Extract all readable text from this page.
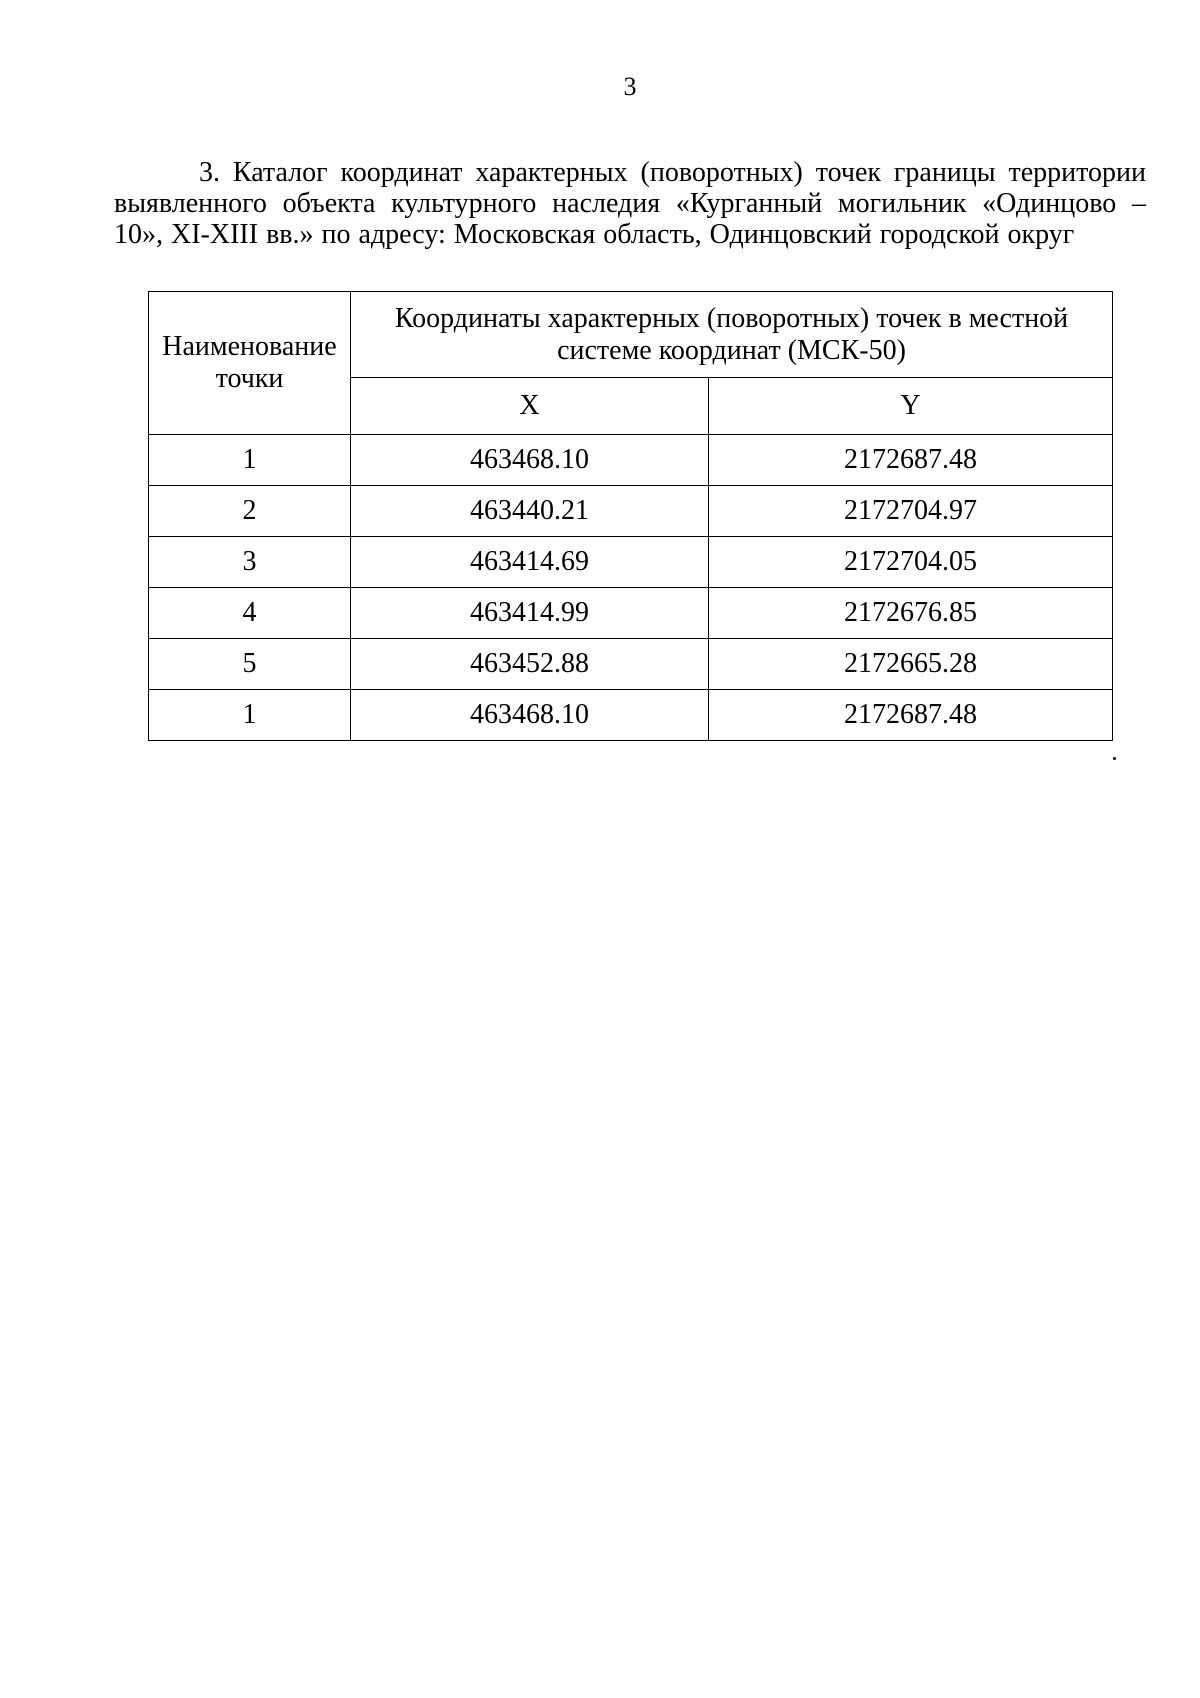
3

3. Каталог координат характерных (поворотных) точек границы территории выявленного объекта культурного наследия «Курганный могильник «Одинцово – 10», XI-XIII вв.» по адресу: Московская область, Одинцовский городской округ

Наименование точки	Координаты характерных (поворотных) точек в местной системе координат (МСК-50)	
	X	Y
1	463468.10	2172687.48
2	463440.21	2172704.97
3	463414.69	2172704.05
4	463414.99	2172676.85
5	463452.88	2172665.28
1	463468.10	2172687.48
